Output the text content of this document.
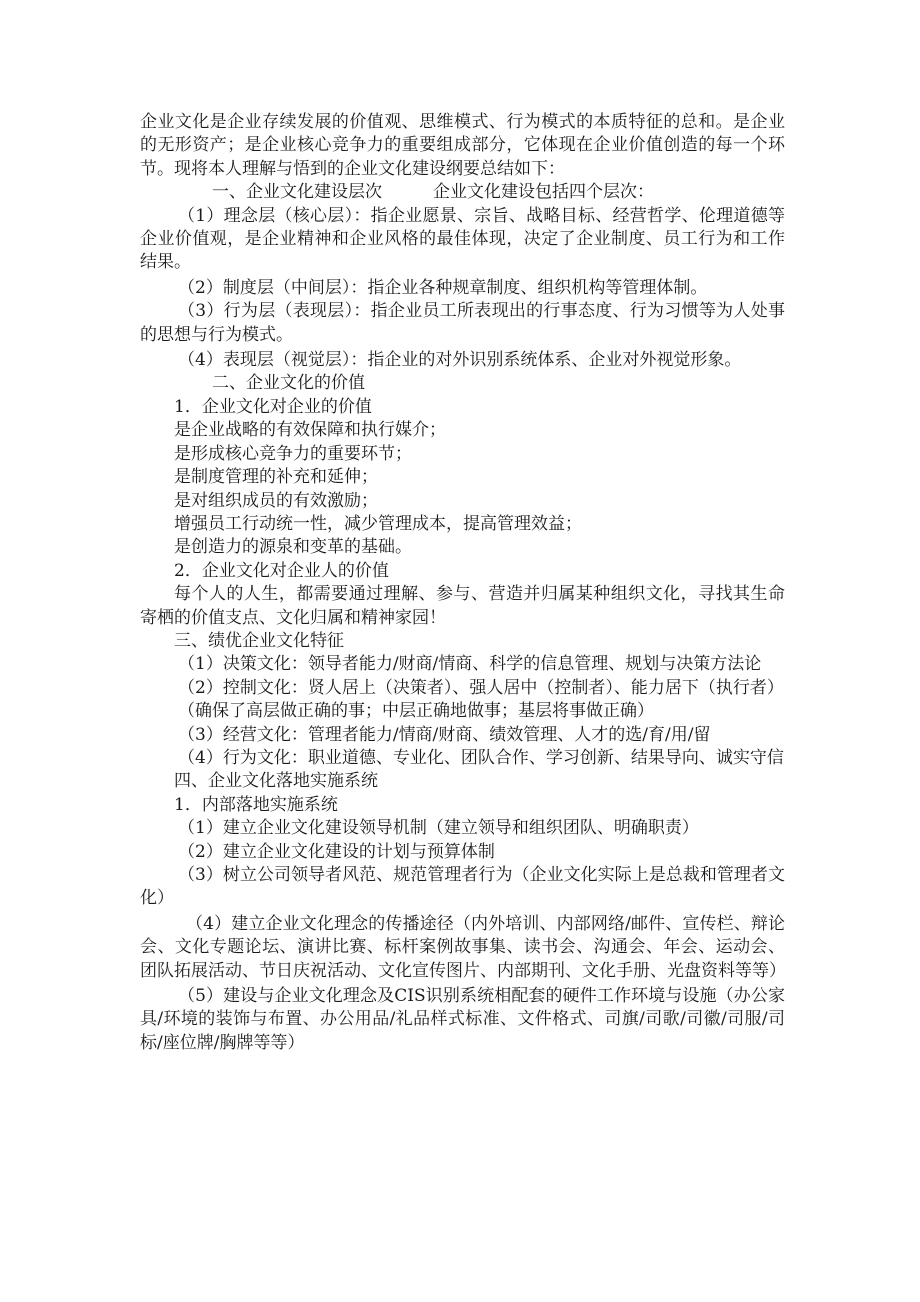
企业文化是企业存续发展的价值观、思维模式、行为模式的本质特征的总和。是企业的无形资产；是企业核心竞争力的重要组成部分，它体现在企业价值创造的每一个环节。现将本人理解与悟到的企业文化建设纲要总结如下：

一、企业文化建设层次　　　企业文化建设包括四个层次：

（1）理念层（核心层）：指企业愿景、宗旨、战略目标、经营哲学、伦理道德等企业价值观，是企业精神和企业风格的最佳体现，决定了企业制度、员工行为和工作结果。

（2）制度层（中间层）：指企业各种规章制度、组织机构等管理体制。

（3）行为层（表现层）：指企业员工所表现出的行事态度、行为习惯等为人处事的思想与行为模式。

（4）表现层（视觉层）：指企业的对外识别系统体系、企业对外视觉形象。

二、企业文化的价值

1．企业文化对企业的价值

是企业战略的有效保障和执行媒介；

是形成核心竞争力的重要环节；

是制度管理的补充和延伸；

是对组织成员的有效激励；

增强员工行动统一性，减少管理成本，提高管理效益；

是创造力的源泉和变革的基础。

2．企业文化对企业人的价值

每个人的人生，都需要通过理解、参与、营造并归属某种组织文化，寻找其生命寄栖的价值支点、文化归属和精神家园！

三、绩优企业文化特征

（1）决策文化：领导者能力/财商/情商、科学的信息管理、规划与决策方法论

（2）控制文化：贤人居上（决策者）、强人居中（控制者）、能力居下（执行者）

（确保了高层做正确的事；中层正确地做事；基层将事做正确）

（3）经营文化：管理者能力/情商/财商、绩效管理、人才的选/育/用/留

（4）行为文化：职业道德、专业化、团队合作、学习创新、结果导向、诚实守信

四、企业文化落地实施系统

1．内部落地实施系统

（1）建立企业文化建设领导机制（建立领导和组织团队、明确职责）

（2）建立企业文化建设的计划与预算体制

（3）树立公司领导者风范、规范管理者行为（企业文化实际上是总裁和管理者文化）

（4）建立企业文化理念的传播途径（内外培训、内部网络/邮件、宣传栏、辩论会、文化专题论坛、演讲比赛、标杆案例故事集、读书会、沟通会、年会、运动会、团队拓展活动、节日庆祝活动、文化宣传图片、内部期刊、文化手册、光盘资料等等）

（5）建设与企业文化理念及CIS识别系统相配套的硬件工作环境与设施（办公家具/环境的装饰与布置、办公用品/礼品样式标准、文件格式、司旗/司歌/司徽/司服/司标/座位牌/胸牌等等）
